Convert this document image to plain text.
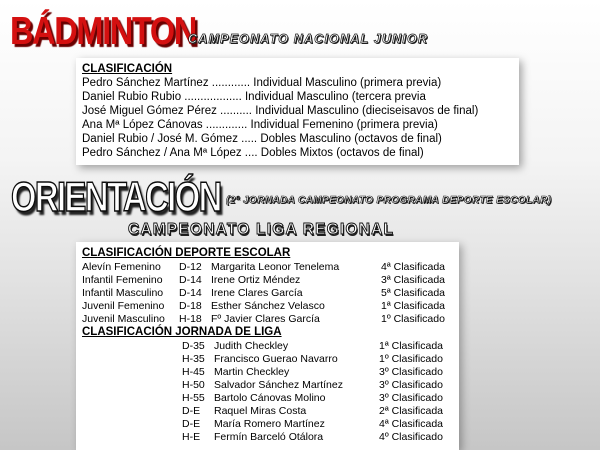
BÁDMINTON
CAMPEONATO NACIONAL JUNIOR
CLASIFICACIÓN
Pedro Sánchez Martínez ............ Individual Masculino (primera previa)
Daniel Rubio Rubio .................. Individual Masculino (tercera previa
José Miguel Gómez Pérez .......... Individual Masculino (dieciseisavos de final)
Ana Mª López Cánovas ............. Individual Femenino (primera previa)
Daniel Rubio / José M. Gómez ..... Dobles Masculino (octavos de final)
Pedro Sánchez / Ana Mª López .... Dobles Mixtos (octavos de final)
ORIENTACIÓN (2ª JORNADA CAMPEONATO PROGRAMA DEPORTE ESCOLAR)
CAMPEONATO LIGA REGIONAL
CLASIFICACIÓN DEPORTE ESCOLAR
Alevín Femenino D-12 Margarita Leonor Tenelema	4ª Clasificada
Infantil Femenino D-14 Irene Ortiz Méndez	3ª Clasificada
Infantil Masculino D-14 Irene Clares García	5ª Clasificada
Juvenil Femenino D-18 Esther Sánchez Velasco	1ª Clasificada
Juvenil Masculino H-18 Fº Javier Clares García	1º Clasificado
CLASIFICACIÓN JORNADA DE LIGA
D-35 Judith Checkley	1ª Clasificada
H-35 Francisco Guerao Navarro	1º Clasificado
H-45 Martin Checkley	3º Clasificado
H-50 Salvador Sánchez Martínez	3º Clasificado
H-55 Bartolo Cánovas Molino	3º Clasificado
D-E Raquel Miras Costa	2ª Clasificada
D-E María Romero Martínez	4ª Clasificada
H-E Fermín Barceló Otálora	4º Clasificado
